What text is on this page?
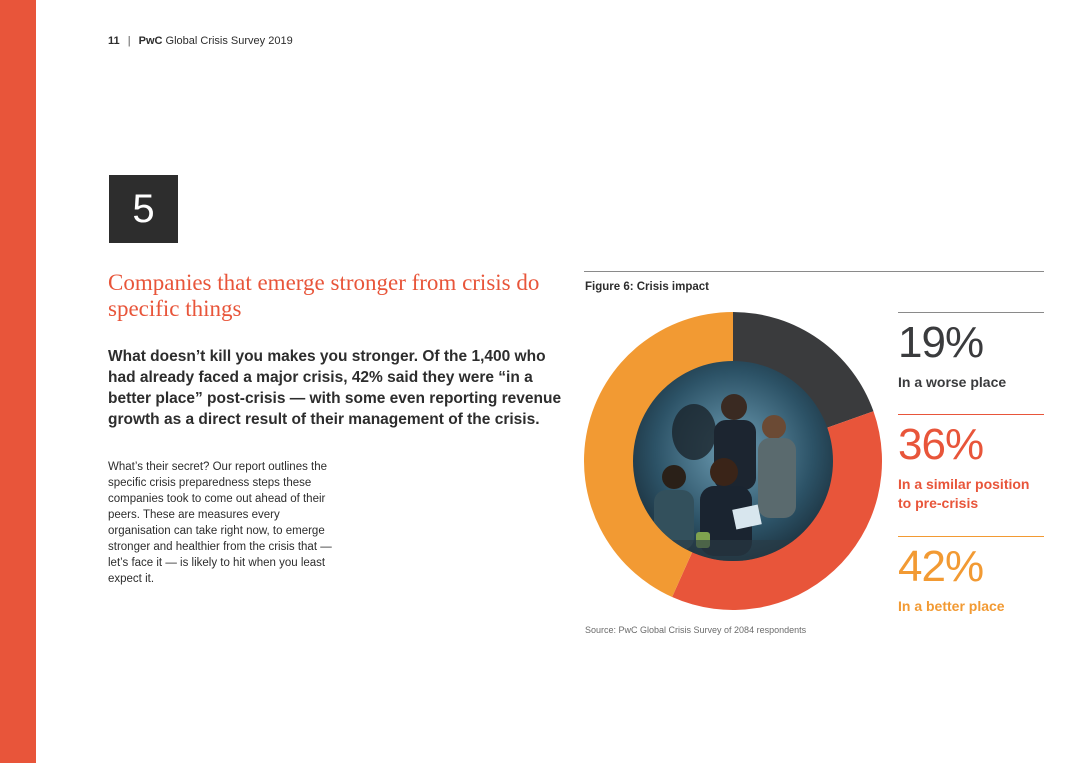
11 | PwC Global Crisis Survey 2019
5
Companies that emerge stronger from crisis do specific things
What doesn’t kill you makes you stronger. Of the 1,400 who had already faced a major crisis, 42% said they were “in a better place” post-crisis — with some even reporting revenue growth as a direct result of their management of the crisis.
What’s their secret? Our report outlines the specific crisis preparedness steps these companies took to come out ahead of their peers. These are measures every organisation can take right now, to emerge stronger and healthier from the crisis that — let’s face it — is likely to hit when you least expect it.
Figure 6: Crisis impact
19%
In a worse place
36%
In a similar position to pre-crisis
42%
In a better place
Source: PwC Global Crisis Survey of 2084 respondents
